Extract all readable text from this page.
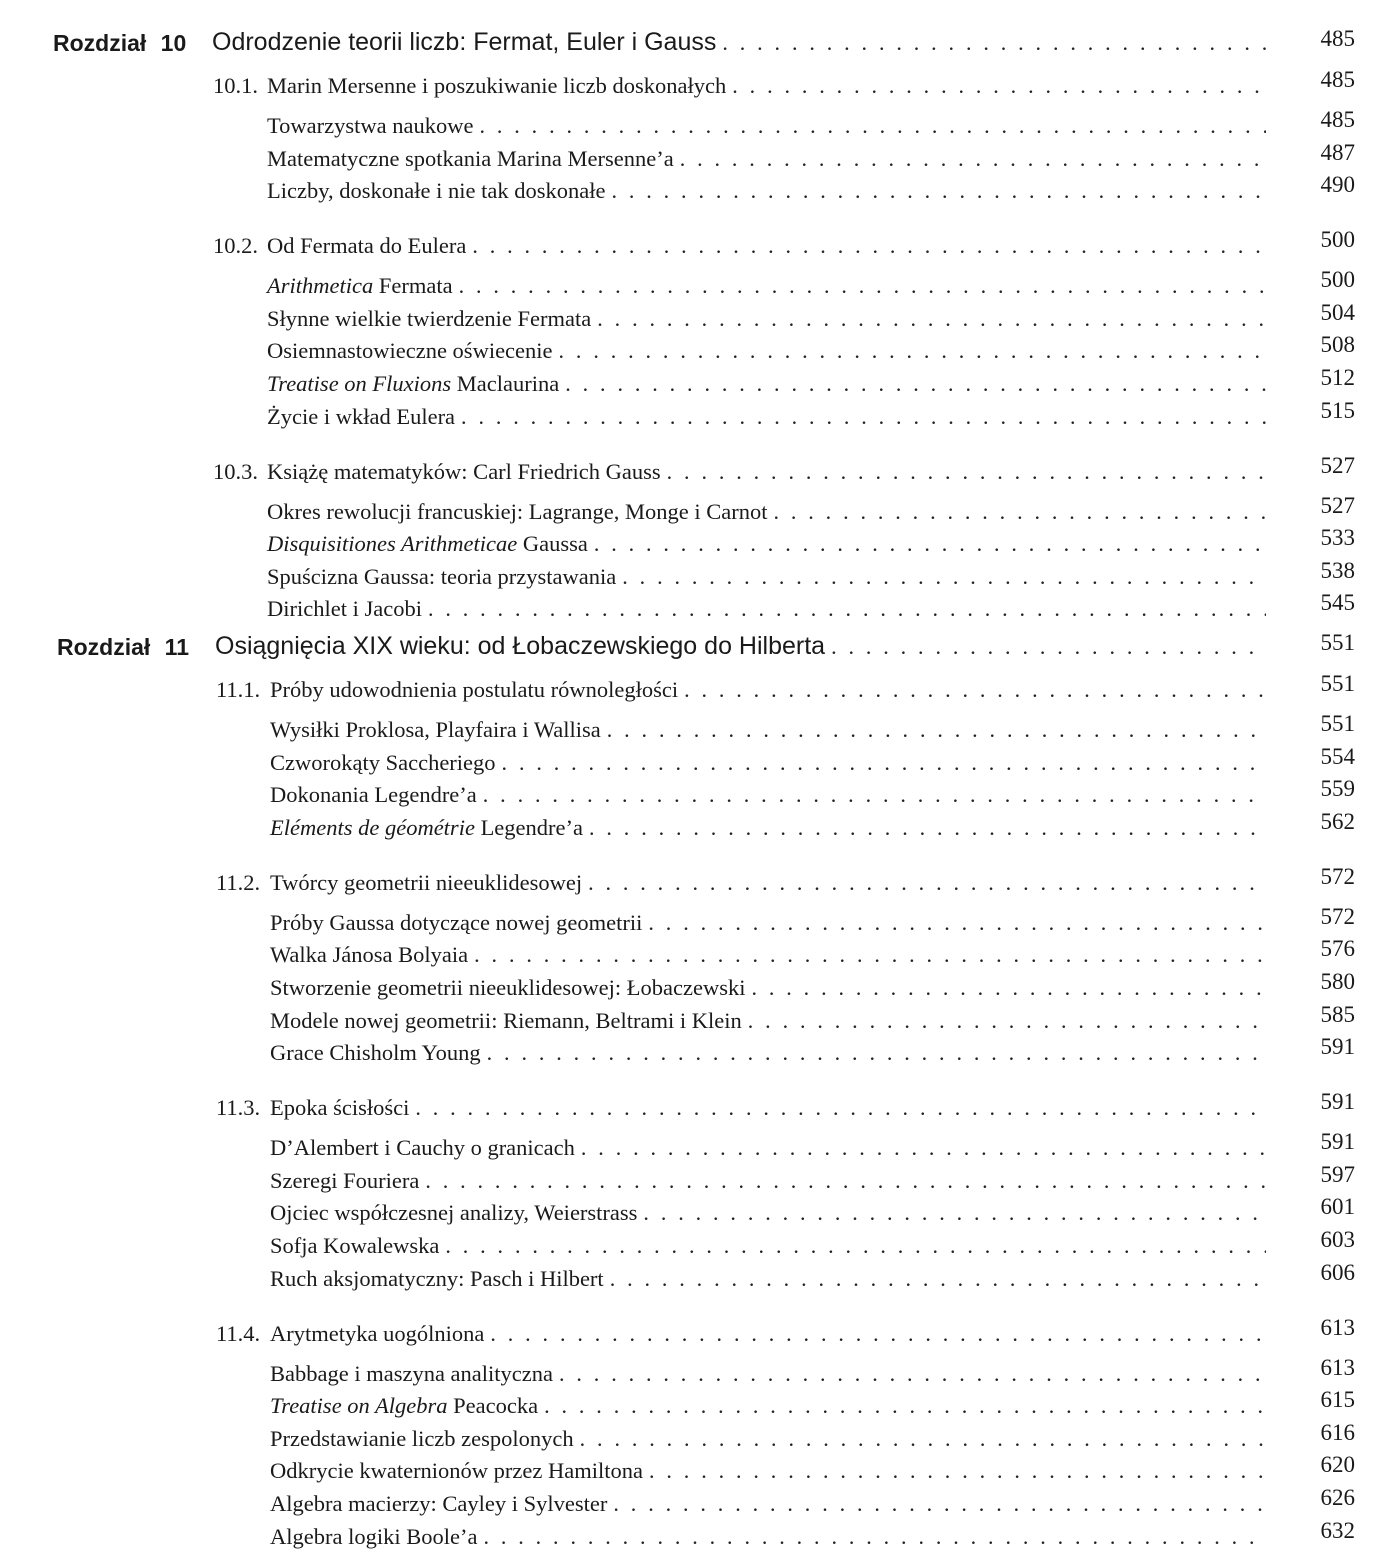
Rozdział 10 Odrodzenie teorii liczb: Fermat, Euler i Gauss . . .	485
10.1. Marin Mersenne i poszukiwanie liczb doskonałych . . .	485
Towarzystwa naukowe . . .	485
Matematyczne spotkania Marina Mersenne’a . . .	487
Liczby, doskonałe i nie tak doskonałe . . .	490
10.2. Od Fermata do Eulera . . .	500
Arithmetica Fermata . . .	500
Słynne wielkie twierdzenie Fermata . . .	504
Osiemnastowieczne oświecenie . . .	508
Treatise on Fluxions Maclaurina . . .	512
Życie i wkład Eulera . . .	515
10.3. Książę matematyków: Carl Friedrich Gauss . . .	527
Okres rewolucji francuskiej: Lagrange, Monge i Carnot . . .	527
Disquisitiones Arithmeticae Gaussa . . .	533
Spuścizna Gaussa: teoria przystawania . . .	538
Dirichlet i Jacobi . . .	545
Rozdział 11 Osiągnięcia XIX wieku: od Łobaczewskiego do Hilberta . . .	551
11.1. Próby udowodnienia postulatu równoległości . . .	551
Wysiłki Proklosa, Playfaira i Wallisa . . .	551
Czworokąty Saccheriego . . .	554
Dokonania Legendre’a . . .	559
Eléments de géométrie Legendre’a . . .	562
11.2. Twórcy geometrii nieeuklidesowej . . .	572
Próby Gaussa dotyczące nowej geometrii . . .	572
Walka Jánosa Bolyaia . . .	576
Stworzenie geometrii nieeuklidesowej: Łobaczewski . . .	580
Modele nowej geometrii: Riemann, Beltrami i Klein . . .	585
Grace Chisholm Young . . .	591
11.3. Epoka ścisłości . . .	591
D’Alembert i Cauchy o granicach . . .	591
Szeregi Fouriera . . .	597
Ojciec współczesnej analizy, Weierstrass . . .	601
Sofja Kowalewska . . .	603
Ruch aksjomatyczny: Pasch i Hilbert . . .	606
11.4. Arytmetyka uogólniona . . .	613
Babbage i maszyna analityczna . . .	613
Treatise on Algebra Peacocka . . .	615
Przedstawianie liczb zespolonych . . .	616
Odkrycie kwaternionów przez Hamiltona . . .	620
Algebra macierzy: Cayley i Sylvester . . .	626
Algebra logiki Boole’a . . .	632
